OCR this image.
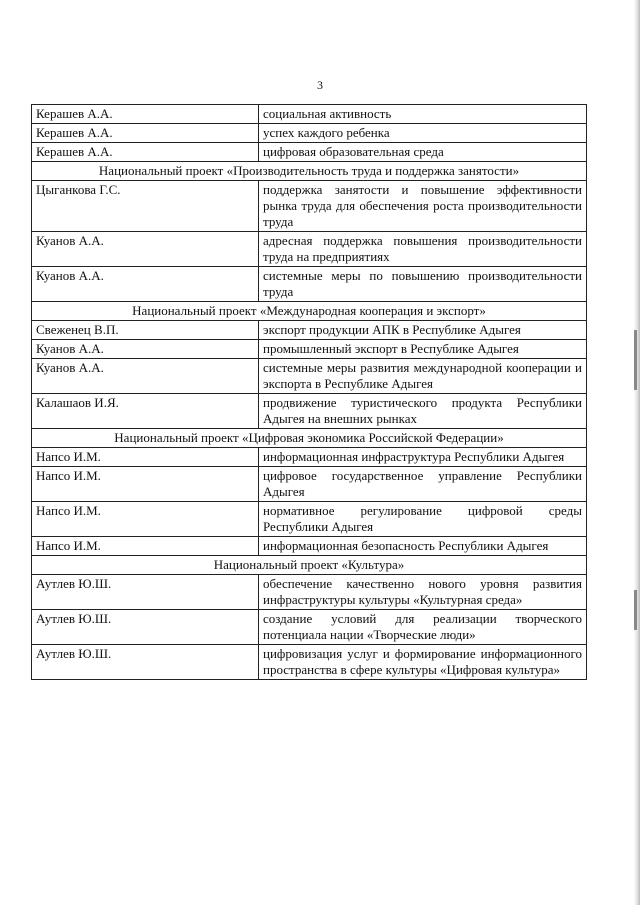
3
Керашев А.А.	социальная активность
Керашев А.А.	успех каждого ребенка
Керашев А.А.	цифровая образовательная среда
Национальный проект «Производительность труда и поддержка занятости»	
Цыганкова Г.С.	поддержка занятости и повышение эффективности рынка труда для обеспечения роста производительности труда
Куанов А.А.	адресная поддержка повышения производительности труда на предприятиях
Куанов А.А.	системные меры по повышению производительности труда
Национальный проект «Международная кооперация и экспорт»	
Свеженец В.П.	экспорт продукции АПК в Республике Адыгея
Куанов А.А.	промышленный экспорт в Республике Адыгея
Куанов А.А.	системные меры развития международной кооперации и экспорта в Республике Адыгея
Калашаов И.Я.	продвижение туристического продукта Республики Адыгея на внешних рынках
Национальный проект «Цифровая экономика Российской Федерации»	
Напсо И.М.	информационная инфраструктура Республики Адыгея
Напсо И.М.	цифровое государственное управление Республики Адыгея
Напсо И.М.	нормативное регулирование цифровой среды Республики Адыгея
Напсо И.М.	информационная безопасность Республики Адыгея
Национальный проект «Культура»	
Аутлев Ю.Ш.	обеспечение качественно нового уровня развития инфраструктуры культуры «Культурная среда»
Аутлев Ю.Ш.	создание условий для реализации творческого потенциала нации «Творческие люди»
Аутлев Ю.Ш.	цифровизация услуг и формирование информационного пространства в сфере культуры «Цифровая культура»
